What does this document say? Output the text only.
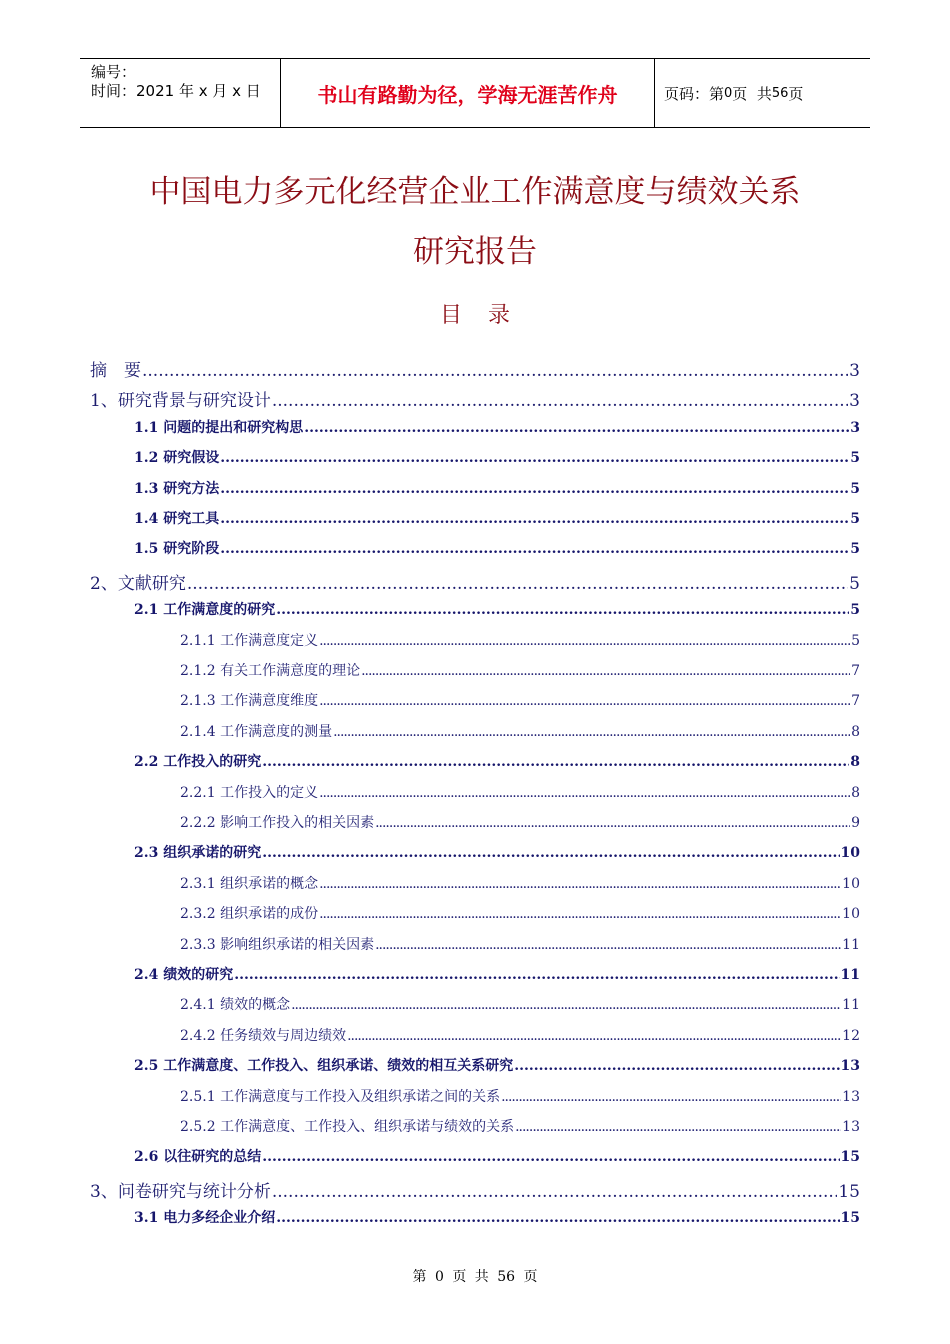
编号：
时间：2021 年 x 月 x 日	书山有路勤为径，学海无涯苦作舟	页码：第 0 页  共 56 页
中国电力多元化经营企业工作满意度与绩效关系
研究报告
目录
摘　要 .....	3
1、研究背景与研究设计 .....	3
1.1 问题的提出和研究构思 .....	3
1.2 研究假设 .....	5
1.3 研究方法 .....	5
1.4 研究工具 .....	5
1.5 研究阶段 .....	5
2、文献研究 .....	5
2.1 工作满意度的研究 .....	5
2.1.1 工作满意度定义 .....	5
2.1.2 有关工作满意度的理论 .....	7
2.1.3 工作满意度维度 .....	7
2.1.4 工作满意度的测量 .....	8
2.2 工作投入的研究 .....	8
2.2.1 工作投入的定义 .....	8
2.2.2 影响工作投入的相关因素 .....	9
2.3 组织承诺的研究 .....	10
2.3.1 组织承诺的概念 .....	10
2.3.2 组织承诺的成份 .....	10
2.3.3 影响组织承诺的相关因素 .....	11
2.4 绩效的研究 .....	11
2.4.1 绩效的概念 .....	11
2.4.2 任务绩效与周边绩效 .....	12
2.5 工作满意度、工作投入、组织承诺、绩效的相互关系研究 .....	13
2.5.1 工作满意度与工作投入及组织承诺之间的关系 .....	13
2.5.2 工作满意度、工作投入、组织承诺与绩效的关系 .....	13
2.6 以往研究的总结 .....	15
3、问卷研究与统计分析 .....	15
3.1 电力多经企业介绍 .....	15
第 0 页 共 56 页
